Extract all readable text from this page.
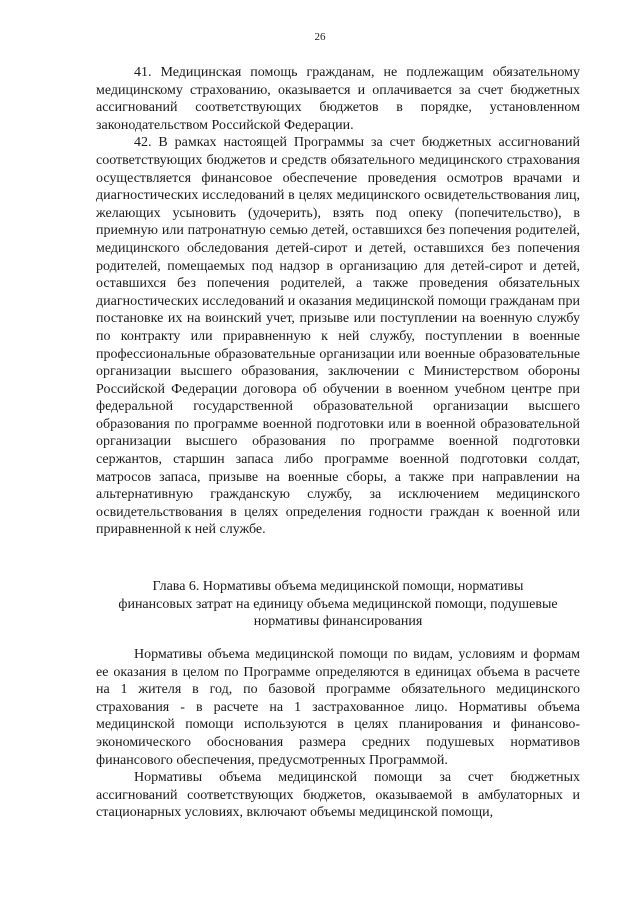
26

41. Медицинская помощь гражданам, не подлежащим обязательному медицинскому страхованию, оказывается и оплачивается за счет бюджетных ассигнований соответствующих бюджетов в порядке, установленном законодательством Российской Федерации.

42. В рамках настоящей Программы за счет бюджетных ассигнований соответствующих бюджетов и средств обязательного медицинского страхования осуществляется финансовое обеспечение проведения осмотров врачами и диагностических исследований в целях медицинского освидетельствования лиц, желающих усыновить (удочерить), взять под опеку (попечительство), в приемную или патронатную семью детей, оставшихся без попечения родителей, медицинского обследования детей-сирот и детей, оставшихся без попечения родителей, помещаемых под надзор в организацию для детей-сирот и детей, оставшихся без попечения родителей, а также проведения обязательных диагностических исследований и оказания медицинской помощи гражданам при постановке их на воинский учет, призыве или поступлении на военную службу по контракту или приравненную к ней службу, поступлении в военные профессиональные образовательные организации или военные образовательные организации высшего образования, заключении с Министерством обороны Российской Федерации договора об обучении в военном учебном центре при федеральной государственной образовательной организации высшего образования по программе военной подготовки или в военной образовательной организации высшего образования по программе военной подготовки сержантов, старшин запаса либо программе военной подготовки солдат, матросов запаса, призыве на военные сборы, а также при направлении на альтернативную гражданскую службу, за исключением медицинского освидетельствования в целях определения годности граждан к военной или приравненной к ней службе.

Глава 6. Нормативы объема медицинской помощи, нормативы
финансовых затрат на единицу объема медицинской помощи, подушевые
нормативы финансирования

Нормативы объема медицинской помощи по видам, условиям и формам ее оказания в целом по Программе определяются в единицах объема в расчете на 1 жителя в год, по базовой программе обязательного медицинского страхования - в расчете на 1 застрахованное лицо. Нормативы объема медицинской помощи используются в целях планирования и финансово-экономического обоснования размера средних подушевых нормативов финансового обеспечения, предусмотренных Программой.

Нормативы объема медицинской помощи за счет бюджетных ассигнований соответствующих бюджетов, оказываемой в амбулаторных и стационарных условиях, включают объемы медицинской помощи,
